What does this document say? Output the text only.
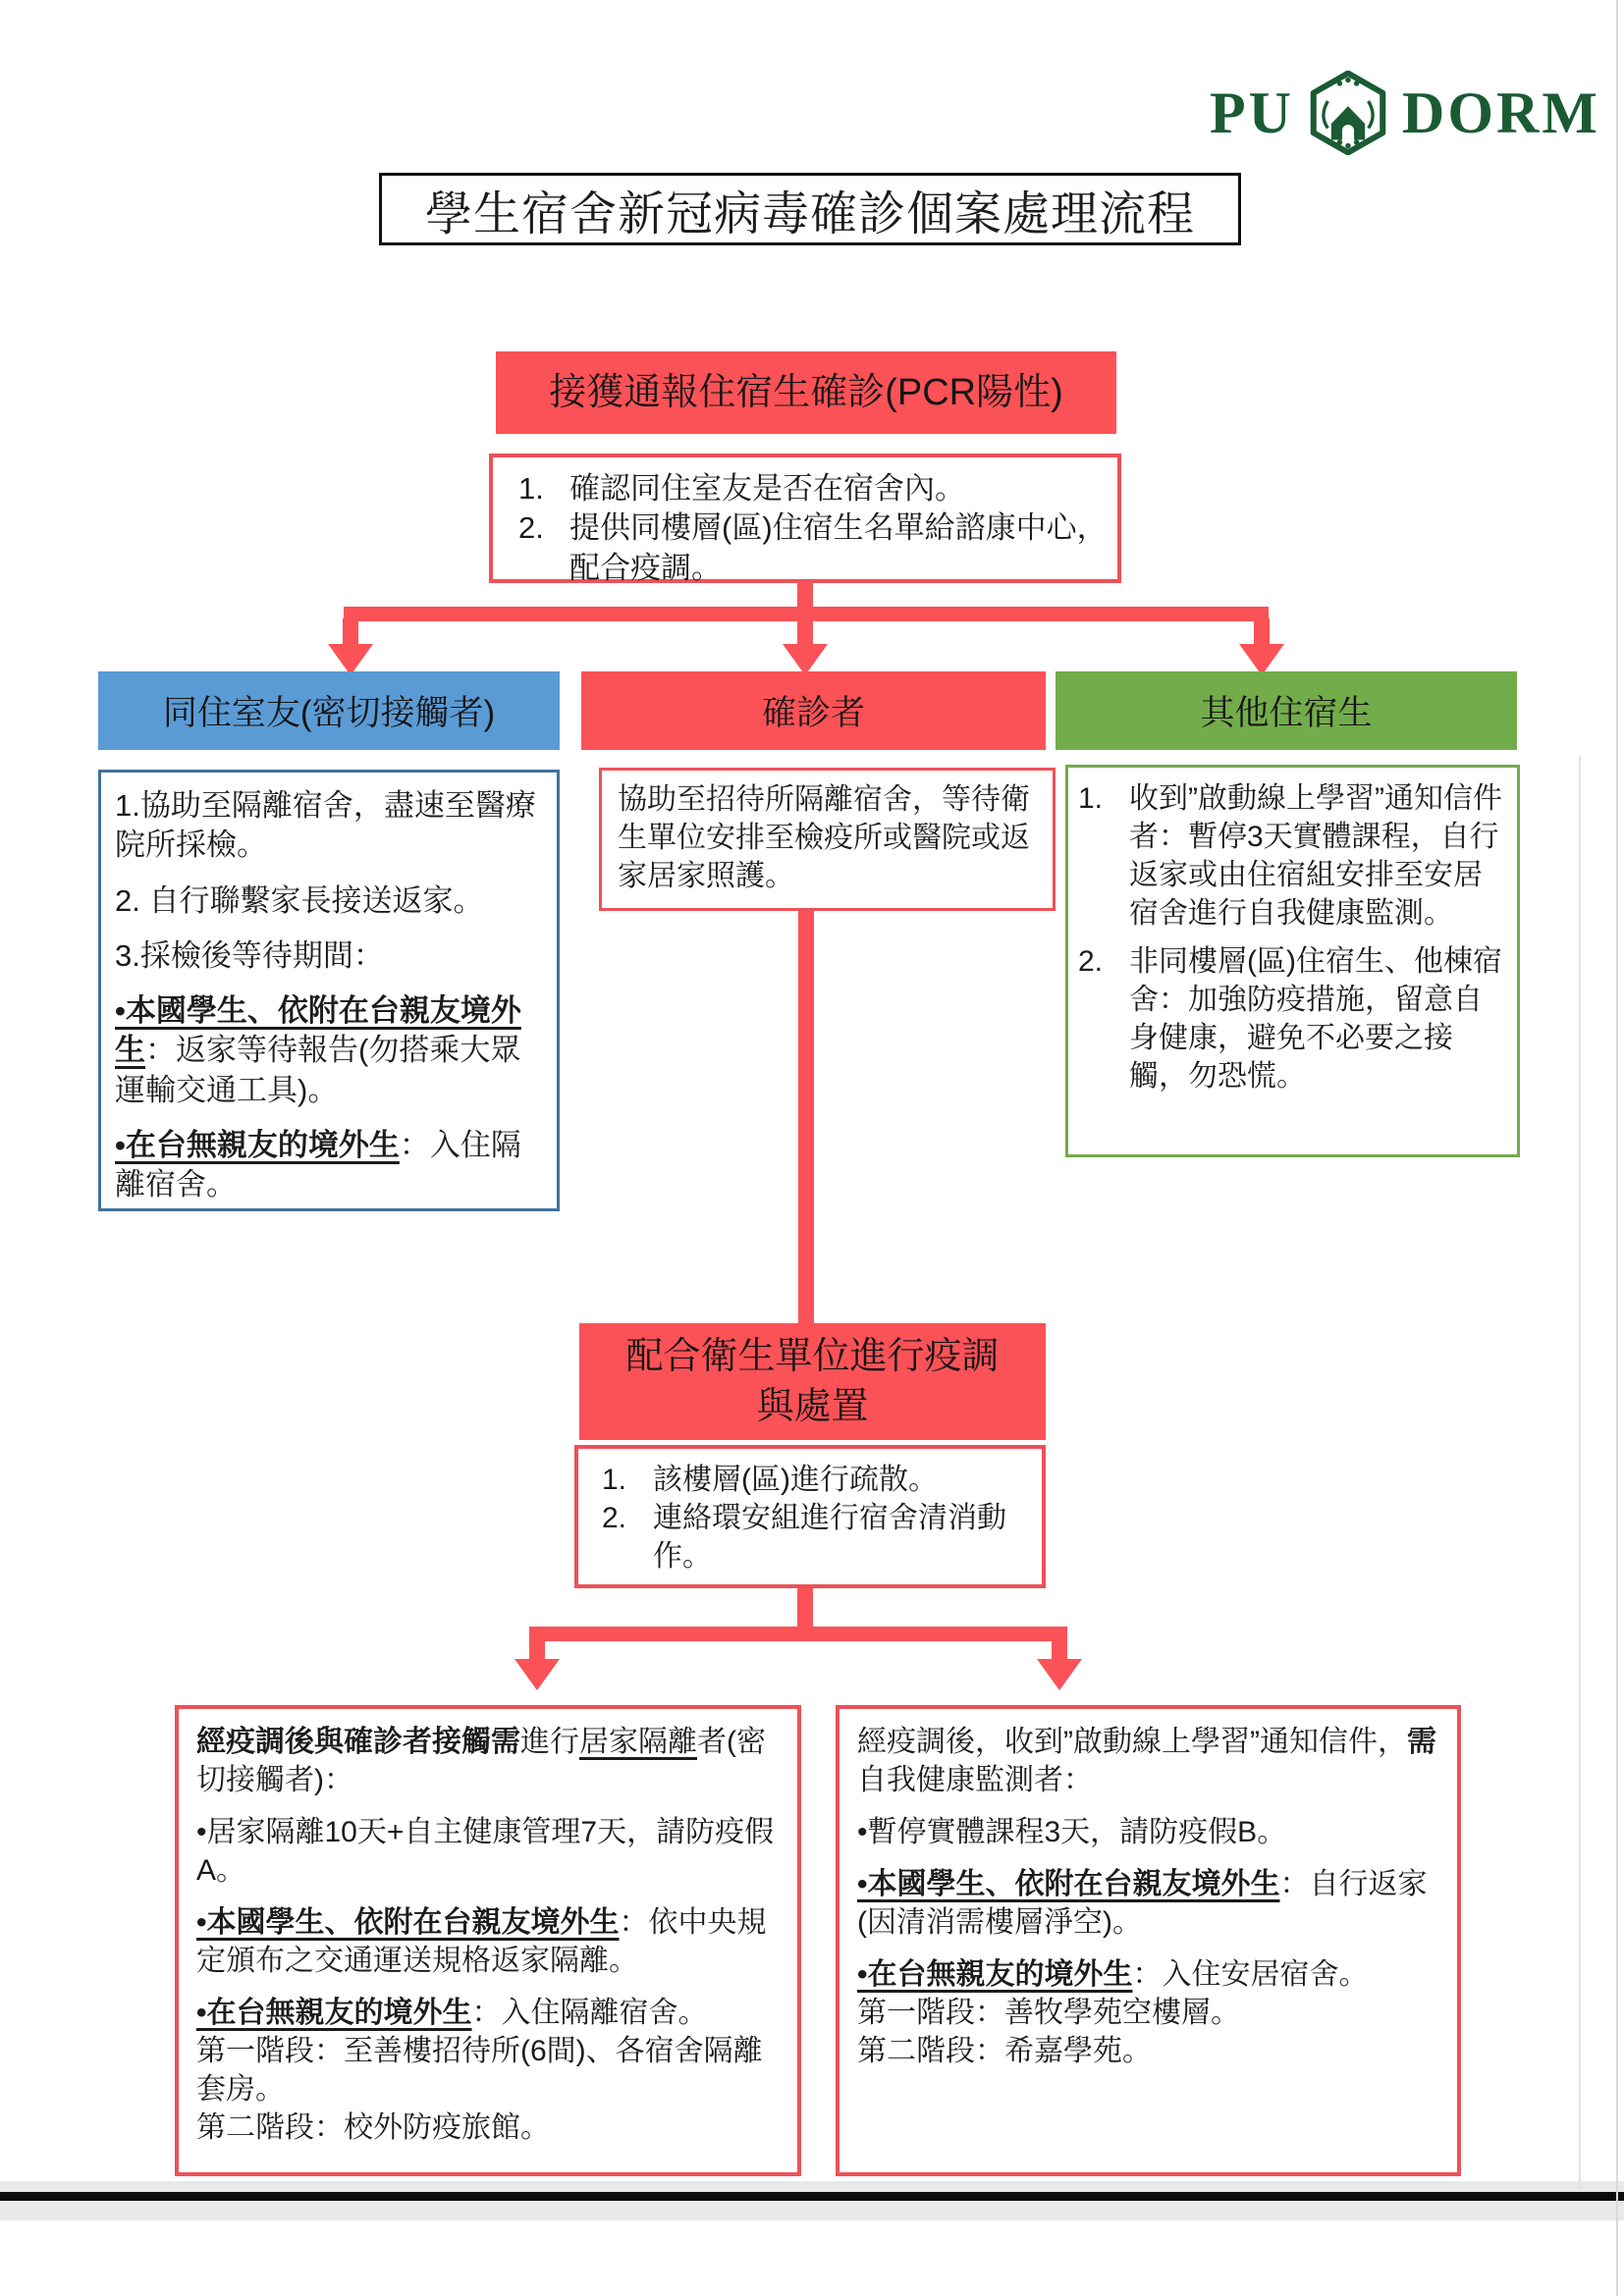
PU DORM
學生宿舍新冠病毒確診個案處理流程
接獲通報住宿生確診(PCR陽性)
1. 確認同住室友是否在宿舍內。
2. 提供同樓層(區)住宿生名單給諮康中心，配合疫調。
同住室友(密切接觸者)	確診者	其他住宿生

1.協助至隔離宿舍，盡速至醫療院所採檢。

2. 自行聯繫家長接送返家。

3.採檢後等待期間：

•本國學生、依附在台親友境外生：返家等待報告(勿搭乘大眾運輸交通工具)。

•在台無親友的境外生：入住隔離宿舍。

協助至招待所隔離宿舍，等待衛生單位安排至檢疫所或醫院或返家居家照護。
1. 收到”啟動線上學習”通知信件者：暫停3天實體課程，自行返家或由住宿組安排至安居宿舍進行自我健康監測。
2. 非同樓層(區)住宿生、他棟宿舍：加強防疫措施，留意自身健康，避免不必要之接觸，勿恐慌。
配合衛生單位進行疫調與處置
1. 該樓層(區)進行疏散。
2. 連絡環安組進行宿舍清消動作。

經疫調後與確診者接觸需進行居家隔離者(密切接觸者)：

•居家隔離10天+自主健康管理7天，請防疫假A。

•本國學生、依附在台親友境外生：依中央規定頒布之交通運送規格返家隔離。

•在台無親友的境外生：入住隔離宿舍。

第一階段：至善樓招待所(6間)、各宿舍隔離套房。

第二階段：校外防疫旅館。

經疫調後，收到”啟動線上學習”通知信件，需自我健康監測者：

•暫停實體課程3天，請防疫假B。

•本國學生、依附在台親友境外生：自行返家(因清消需樓層淨空)。

•在台無親友的境外生：入住安居宿舍。

第一階段：善牧學苑空樓層。

第二階段：希嘉學苑。
